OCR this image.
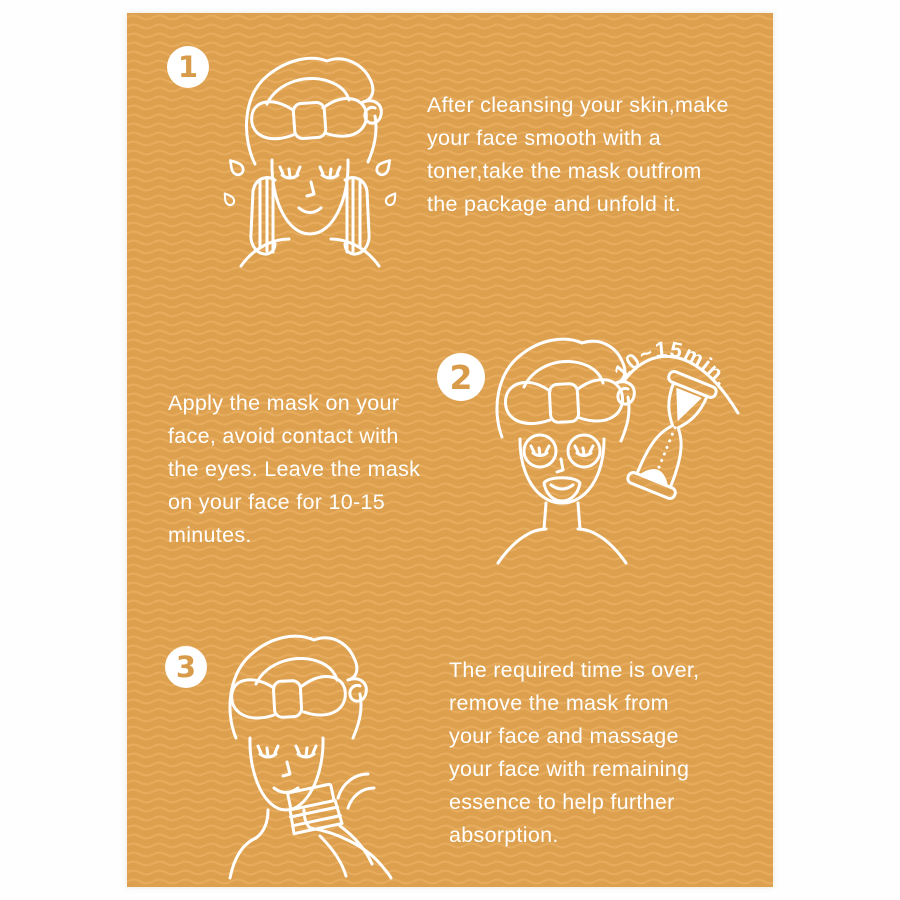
1
After cleansing your skin,make
your face smooth with a
toner,take the mask outfrom
the package and unfold it.
Apply the mask on your
face, avoid contact with
the eyes. Leave the mask
on your face for 10-15
minutes.
2	10~15min.
3	The required time is over,
remove the mask from
your face and massage
your face with remaining
essence to help further
absorption.
